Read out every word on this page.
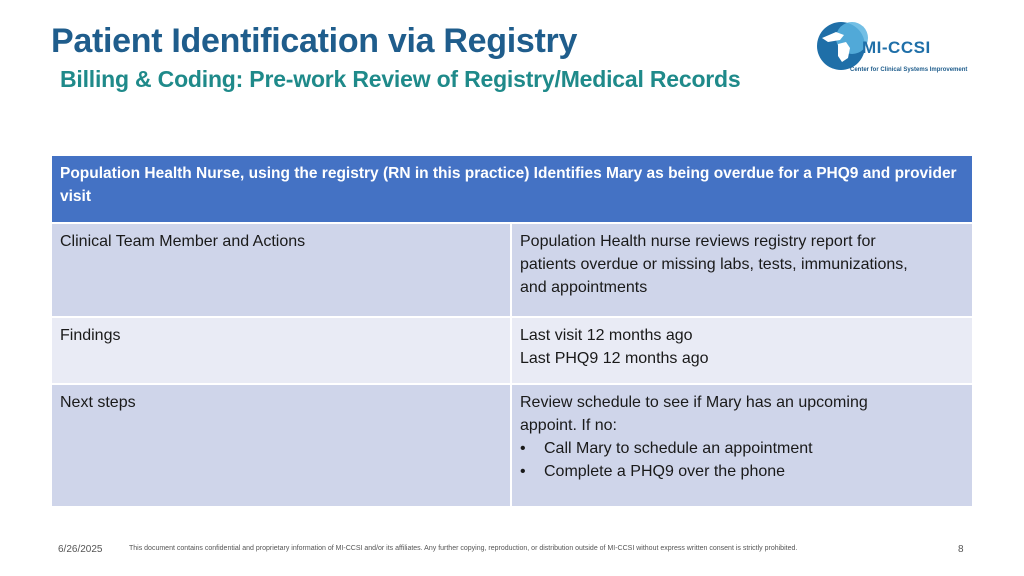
Patient Identification via Registry
Billing & Coding: Pre-work Review of Registry/Medical Records
MI-CCSI
Center for Clinical Systems Improvement
Population Health Nurse, using the registry (RN in this practice) Identifies Mary as being overdue for a PHQ9 and provider visit
Clinical Team Member and Actions	Population Health nurse reviews registry report for
patients overdue or missing labs, tests, immunizations,
and appointments
Findings	Last visit 12 months ago
Last PHQ9 12 months ago
Next steps	Review schedule to see if Mary has an upcoming
appoint. If no:
•	Call Mary to schedule an appointment
•	Complete a PHQ9 over the phone
6/26/2025	This document contains confidential and proprietary information of MI-CCSI and/or its affiliates. Any further copying, reproduction, or distribution outside of MI-CCSI without express written consent is strictly prohibited.	8
